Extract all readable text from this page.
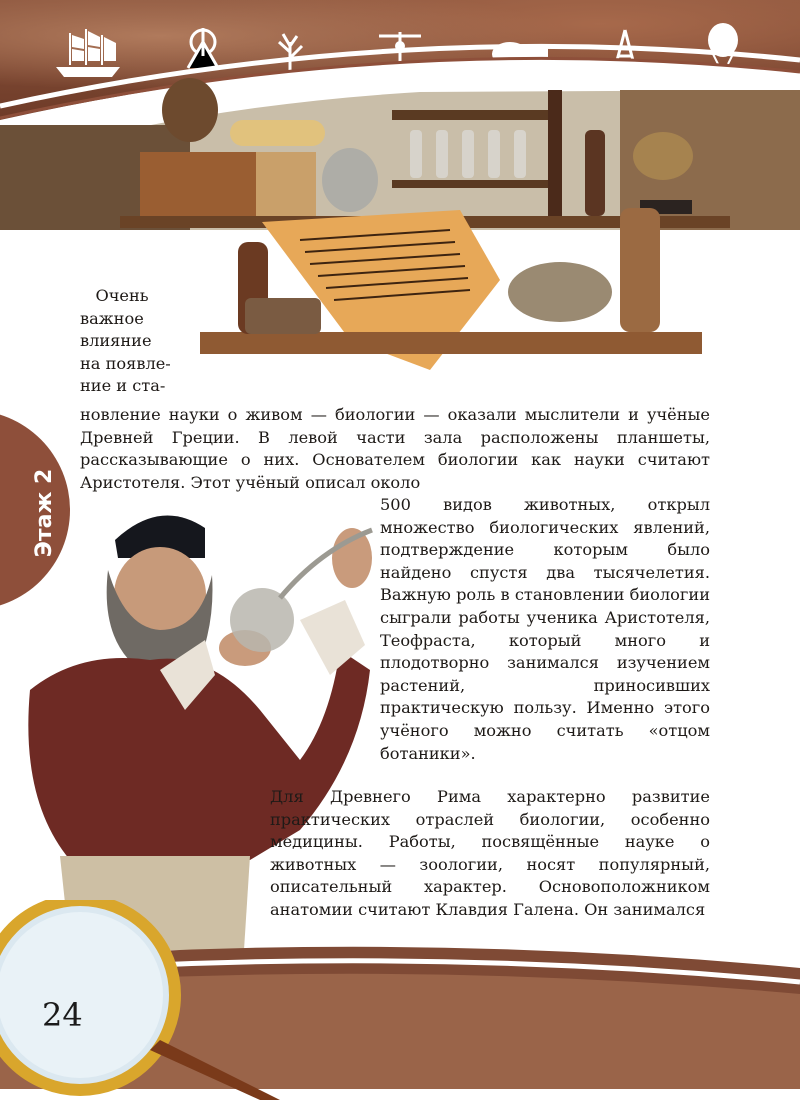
Этаж 2

Очень
важное
влияние
на появле-
ние и ста-

новление науки о живом — биологии — оказали мыслители и учёные Древней Греции. В левой части зала расположены планшеты, рассказывающие о них. Основателем биологии как науки считают Аристотеля. Этот учёный описал около

500 видов животных, открыл множество биологических явлений, подтверждение которым было найдено спустя два тысячелетия. Важную роль в становлении биологии сыграли работы ученика Аристотеля, Теофраста, который много и плодотворно занимался изучением растений, приносивших практическую пользу. Именно этого учёного можно считать «отцом ботаники».

Для Древнего Рима характерно развитие практических отраслей биологии, особенно медицины. Работы, посвящённые науке о животных — зоологии, носят популярный, описательный характер. Основоположником анатомии считают Клавдия Галена. Он занимался

24
